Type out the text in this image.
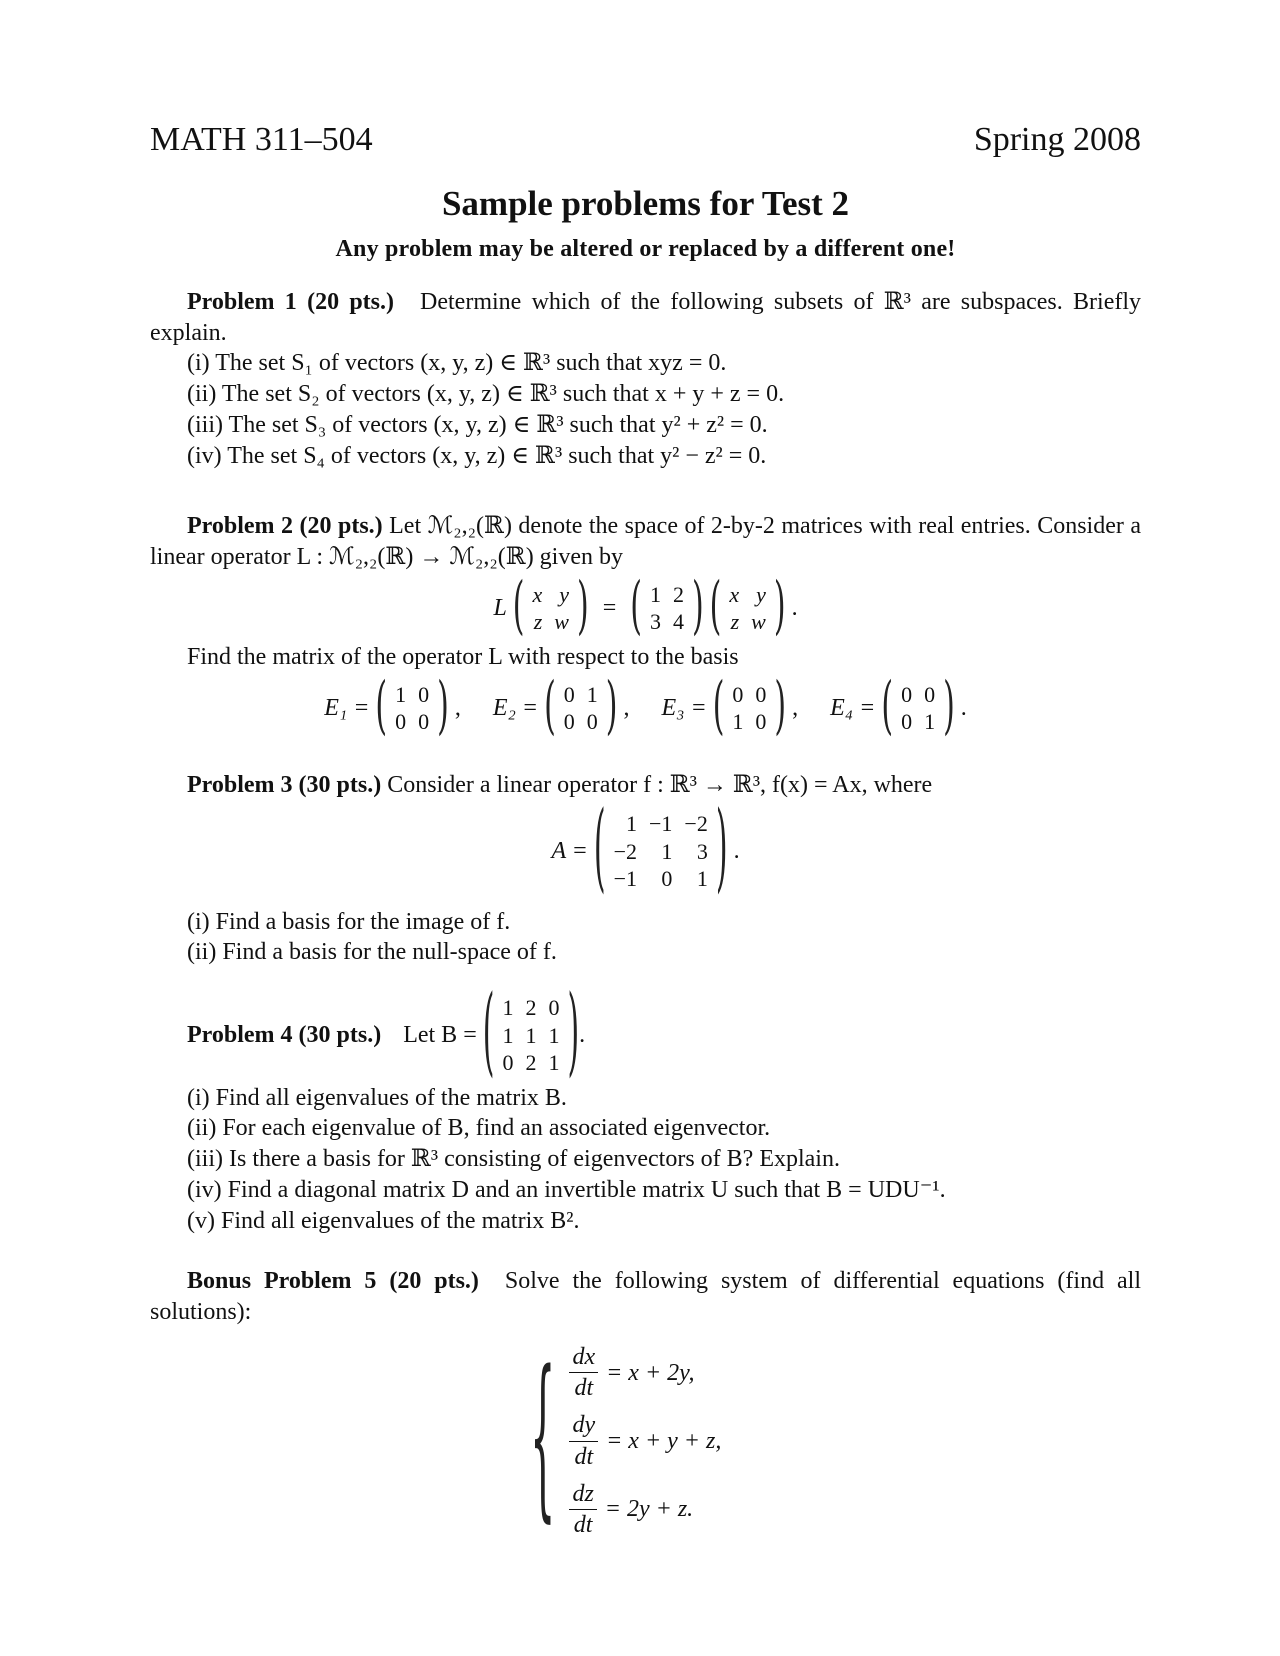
MATH 311–504	Spring 2008
Sample problems for Test 2
Any problem may be altered or replaced by a different one!
Problem 1 (20 pts.) Determine which of the following subsets of ℝ³ are subspaces. Briefly explain.
(i) The set S₁ of vectors (x, y, z) ∈ ℝ³ such that xyz = 0.
(ii) The set S₂ of vectors (x, y, z) ∈ ℝ³ such that x + y + z = 0.
(iii) The set S₃ of vectors (x, y, z) ∈ ℝ³ such that y² + z² = 0.
(iv) The set S₄ of vectors (x, y, z) ∈ ℝ³ such that y² − z² = 0.
Problem 2 (20 pts.) Let ℳ₂,₂(ℝ) denote the space of 2-by-2 matrices with real entries. Consider a linear operator L : ℳ₂,₂(ℝ) → ℳ₂,₂(ℝ) given by
L ( x	y
z	w ) = ( 1	2
3	4 ) ( x	y
z	w ) .
Find the matrix of the operator L with respect to the basis
E₁ = ( 1	0
0	0 ) , E₂ = ( 0	1
0	0 ) , E₃ = ( 0	0
1	0 ) , E₄ = ( 0	0
0	1 ) .
Problem 3 (30 pts.) Consider a linear operator f : ℝ³ → ℝ³, f(x) = Ax, where
A = ( 1	−1	−2
−2	1	3
−1	0	1 ) .
(i) Find a basis for the image of f.
(ii) Find a basis for the null-space of f.
Problem 4 (30 pts.) Let B = ( 1	2	0
1	1	1
0	2	1 ) .
(i) Find all eigenvalues of the matrix B.
(ii) For each eigenvalue of B, find an associated eigenvector.
(iii) Is there a basis for ℝ³ consisting of eigenvectors of B? Explain.
(iv) Find a diagonal matrix D and an invertible matrix U such that B = UDU⁻¹.
(v) Find all eigenvalues of the matrix B².
Bonus Problem 5 (20 pts.) Solve the following system of differential equations (find all solutions):
{ $\frac{dx}{dt} = x + 2y$,
$\frac{dy}{dt} = x + y + z$,
$\frac{dz}{dt} = 2y + z$.
